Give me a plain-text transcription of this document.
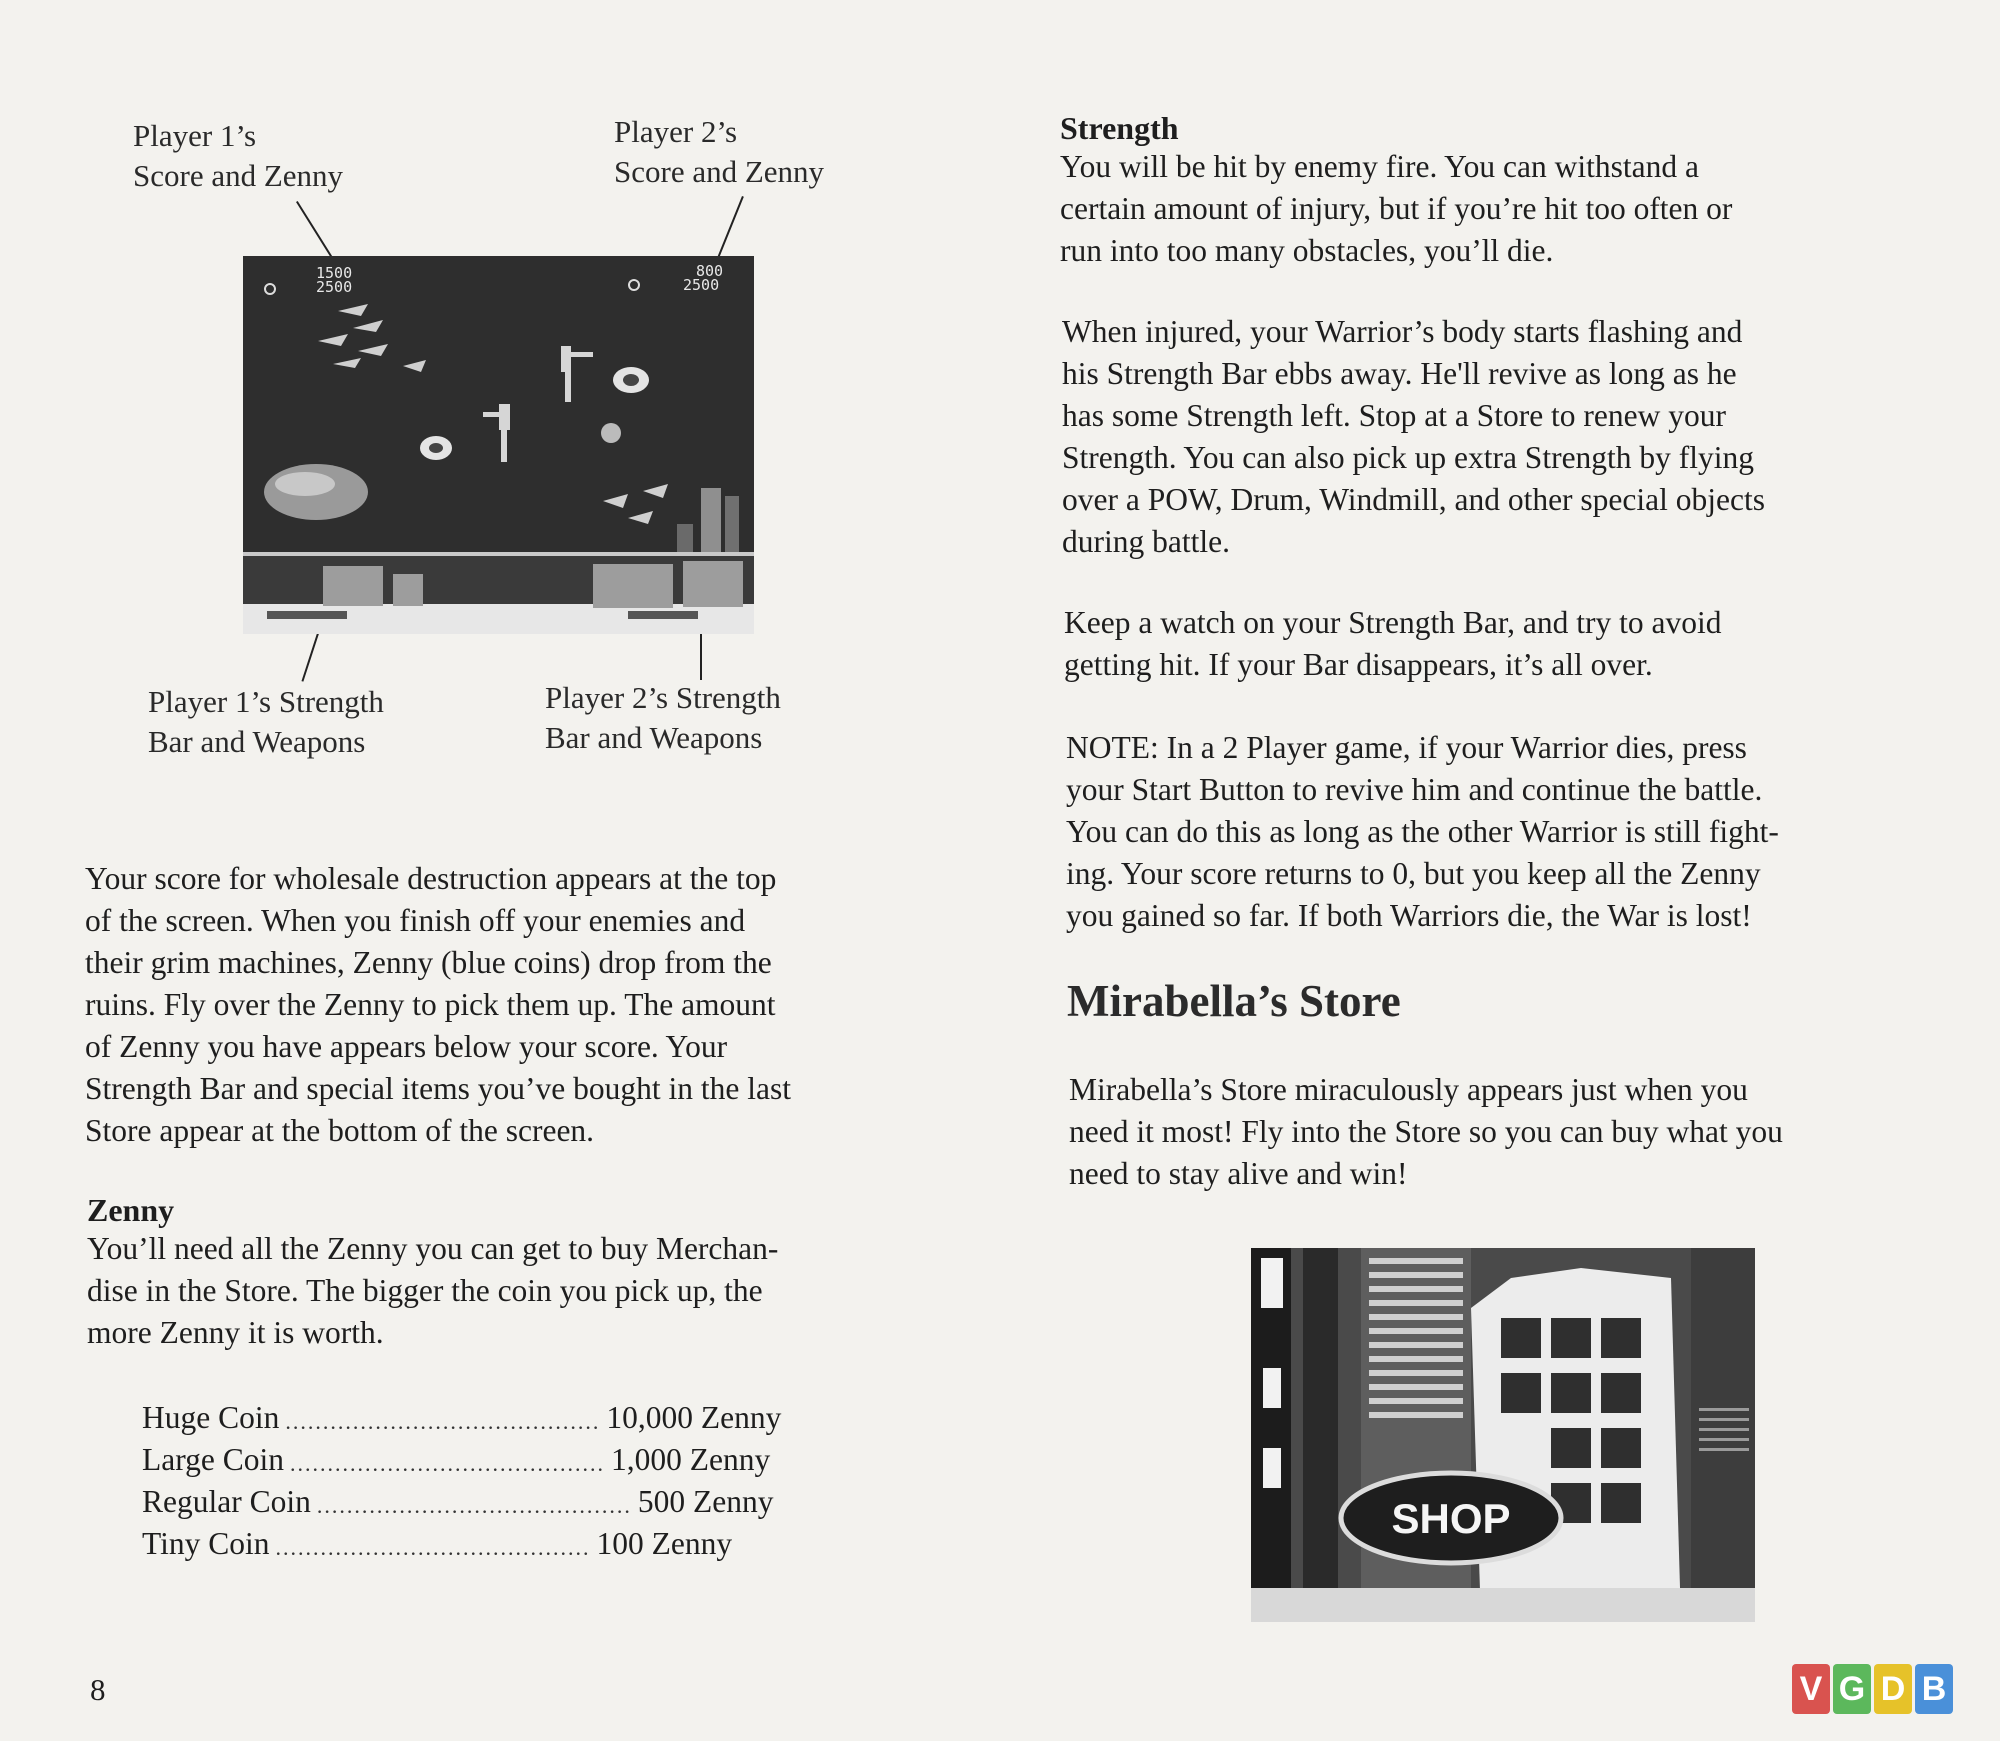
Player 1’s
Score and Zenny
Player 2’s
Score and Zenny
1500
2500
800
2500
Player 1’s Strength
Bar and Weapons
Player 2’s Strength
Bar and Weapons
Your score for wholesale destruction appears at the top
of the screen. When you finish off your enemies and
their grim machines, Zenny (blue coins) drop from the
ruins. Fly over the Zenny to pick them up. The amount
of Zenny you have appears below your score. Your
Strength Bar and special items you’ve bought in the last
Store appear at the bottom of the screen.
Zenny
You’ll need all the Zenny you can get to buy Merchan-
dise in the Store. The bigger the coin you pick up, the
more Zenny it is worth.
Huge Coin .......................................... 10,000 Zenny
Large Coin .......................................... 1,000 Zenny
Regular Coin .......................................... 500 Zenny
Tiny Coin .......................................... 100 Zenny
8
Strength
You will be hit by enemy fire. You can withstand a
certain amount of injury, but if you’re hit too often or
run into too many obstacles, you’ll die.
When injured, your Warrior’s body starts flashing and
his Strength Bar ebbs away. He'll revive as long as he
has some Strength left. Stop at a Store to renew your
Strength. You can also pick up extra Strength by flying
over a POW, Drum, Windmill, and other special objects
during battle.
Keep a watch on your Strength Bar, and try to avoid
getting hit. If your Bar disappears, it’s all over.
NOTE: In a 2 Player game, if your Warrior dies, press
your Start Button to revive him and continue the battle.
You can do this as long as the other Warrior is still fight-
ing. Your score returns to 0, but you keep all the Zenny
you gained so far. If both Warriors die, the War is lost!
Mirabella’s Store
Mirabella’s Store miraculously appears just when you
need it most! Fly into the Store so you can buy what you
need to stay alive and win!
SHOP
V G D B
